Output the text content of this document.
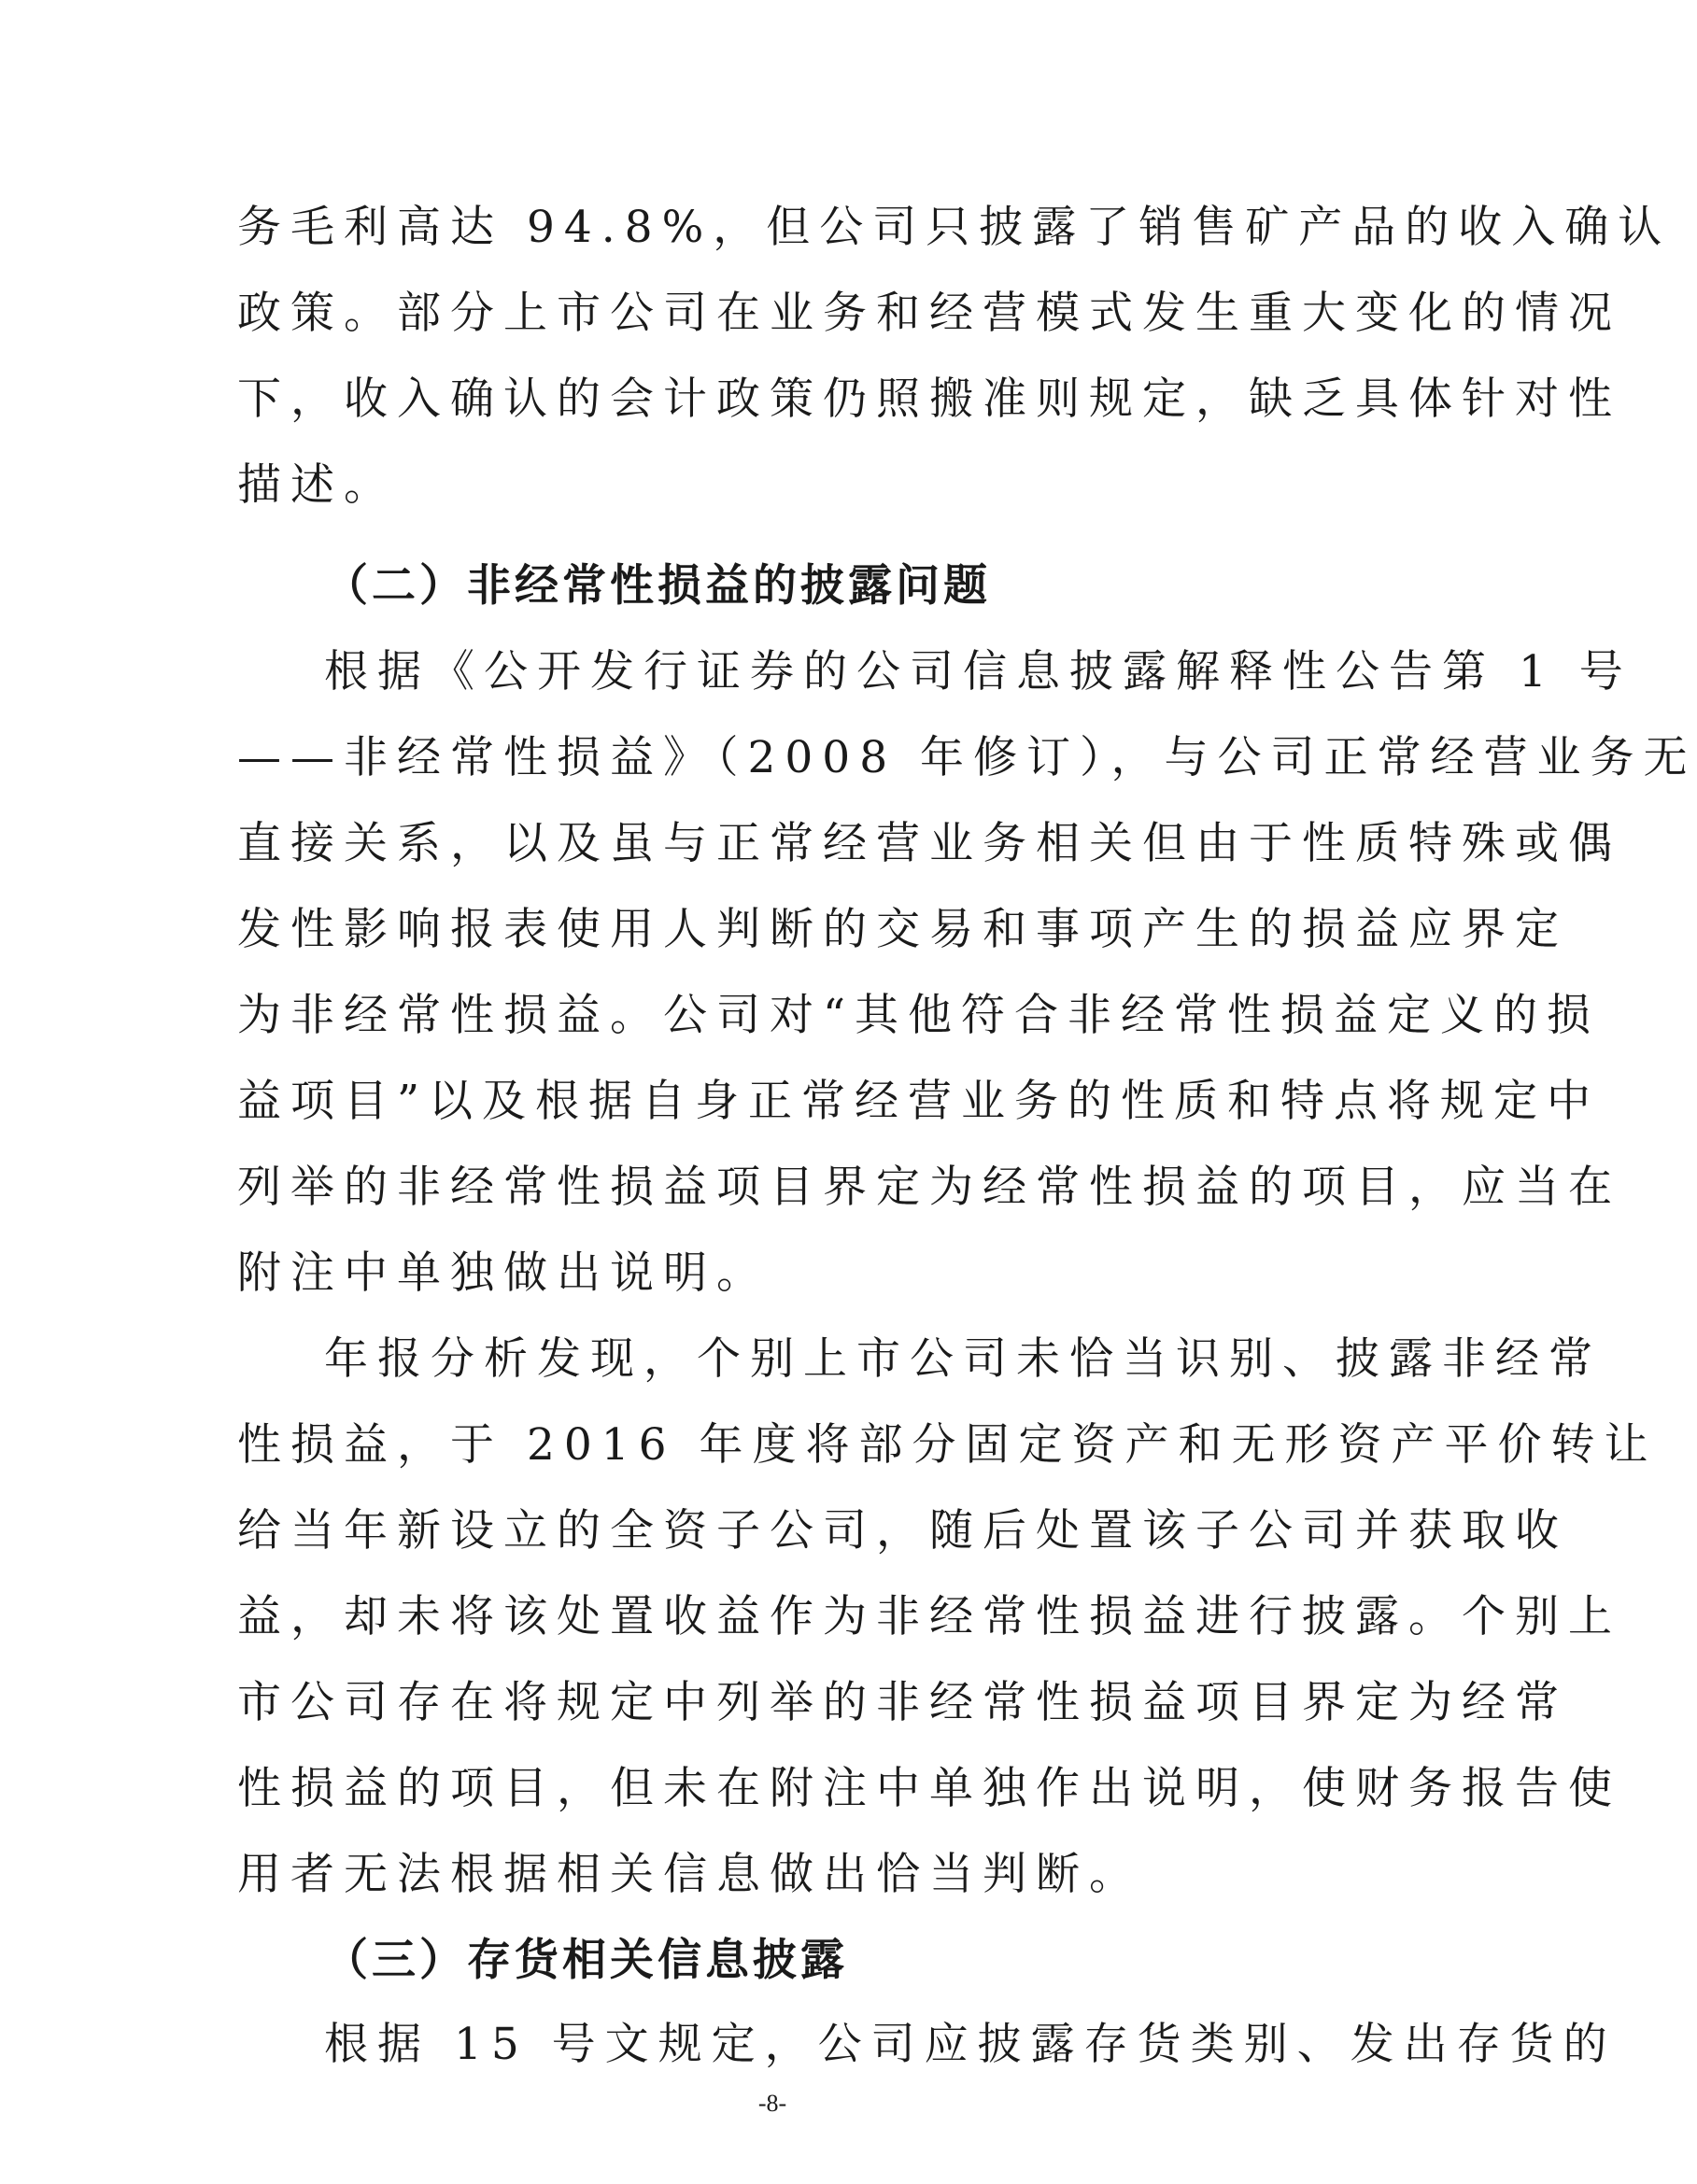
务毛利高达 94.8%，但公司只披露了销售矿产品的收入确认
政策。部分上市公司在业务和经营模式发生重大变化的情况
下，收入确认的会计政策仍照搬准则规定，缺乏具体针对性
描述。
（二）非经常性损益的披露问题
根据《公开发行证券的公司信息披露解释性公告第 1 号
——非经常性损益》（2008 年修订），与公司正常经营业务无
直接关系，以及虽与正常经营业务相关但由于性质特殊或偶
发性影响报表使用人判断的交易和事项产生的损益应界定
为非经常性损益。公司对“其他符合非经常性损益定义的损
益项目”以及根据自身正常经营业务的性质和特点将规定中
列举的非经常性损益项目界定为经常性损益的项目，应当在
附注中单独做出说明。
年报分析发现，个别上市公司未恰当识别、披露非经常
性损益，于 2016 年度将部分固定资产和无形资产平价转让
给当年新设立的全资子公司，随后处置该子公司并获取收
益，却未将该处置收益作为非经常性损益进行披露。个别上
市公司存在将规定中列举的非经常性损益项目界定为经常
性损益的项目，但未在附注中单独作出说明，使财务报告使
用者无法根据相关信息做出恰当判断。
（三）存货相关信息披露
根据 15 号文规定，公司应披露存货类别、发出存货的
-8-
